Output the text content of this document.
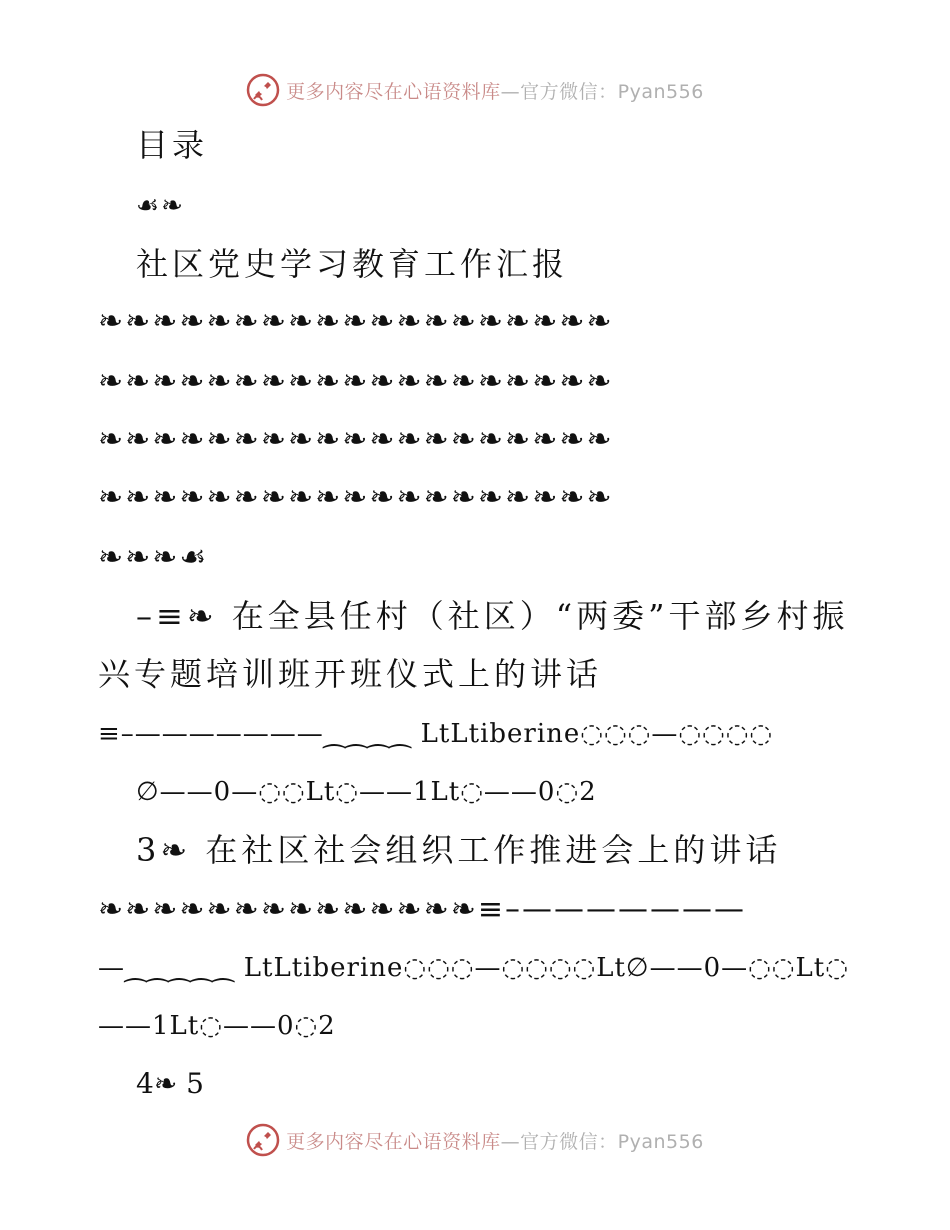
更多内容尽在心语资料库—官方微信：Pyan556
目录
☙❧
社区党史学习教育工作汇报
❧❧❧❧❧❧❧❧❧❧❧❧❧❧❧❧❧❧❧
❧❧❧❧❧❧❧❧❧❧❧❧❧❧❧❧❧❧❧
❧❧❧❧❧❧❧❧❧❧❧❧❧❧❧❧❧❧❧
❧❧❧❧❧❧❧❧❧❧❧❧❧❧❧❧❧❧❧
❧❧❧☙
–≡❧ 在全县任村（社区）“两委”干部乡村振
兴专题培训班开班仪式上的讲话
≡–———————⁔⁔⁔⁔ LtLtiberine◌◌◌—◌◌◌◌
∅——0—◌◌Lt◌——1Lt◌——0◌2
3❧ 在社区社会组织工作推进会上的讲话
❧❧❧❧❧❧❧❧❧❧❧❧❧❧≡–———————
—⁔⁔⁔⁔⁔ LtLtiberine◌◌◌—◌◌◌◌Lt∅——0—◌◌Lt◌
——1Lt◌——0◌2
4❧ 5
更多内容尽在心语资料库—官方微信：Pyan556
